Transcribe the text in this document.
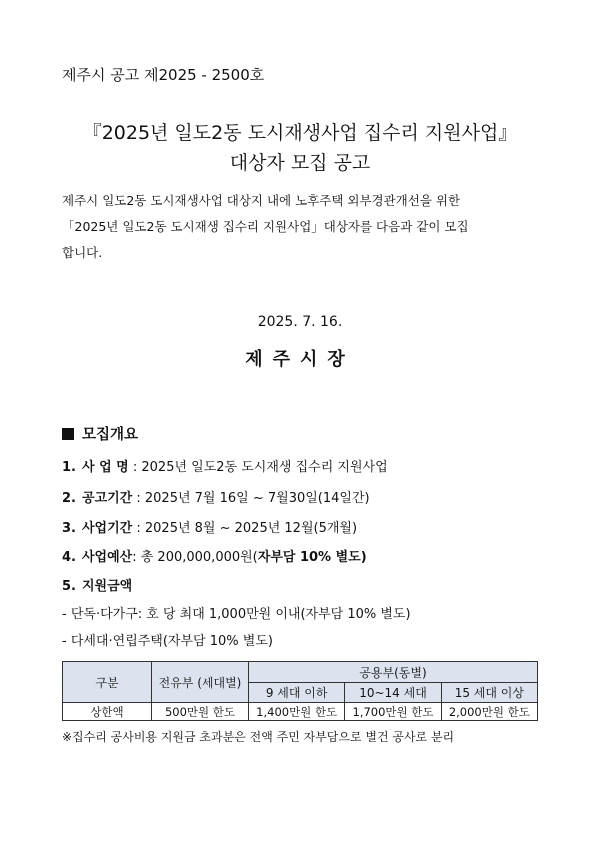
제주시 공고 제2025 - 2500호
『2025년 일도2동 도시재생사업 집수리 지원사업』
대상자 모집 공고

제주시 일도2동 도시재생사업 대상지 내에 노후주택 외부경관개선을 위한

「2025년 일도2동 도시재생 집수리 지원사업」대상자를 다음과 같이 모집

합니다.

2025. 7. 16.
제주시장
모집개요
1. 사 업 명 : 2025년 일도2동 도시재생 집수리 지원사업
2. 공고기간 : 2025년 7월 16일 ~ 7월30일(14일간)
3. 사업기간 : 2025년 8월 ~ 2025년 12월(5개월)
4. 사업예산: 총 200,000,000원(자부담 10% 별도)
5. 지원금액
- 단독·다가구: 호 당 최대 1,000만원 이내(자부담 10% 별도)
- 다세대·연립주택(자부담 10% 별도)
구분	전유부 (세대별)	공용부(동별)		
		9 세대 이하	10~14 세대	15 세대 이상
상한액	500만원 한도	1,400만원 한도	1,700만원 한도	2,000만원 한도
※집수리 공사비용 지원금 초과분은 전액 주민 자부담으로 별건 공사로 분리
